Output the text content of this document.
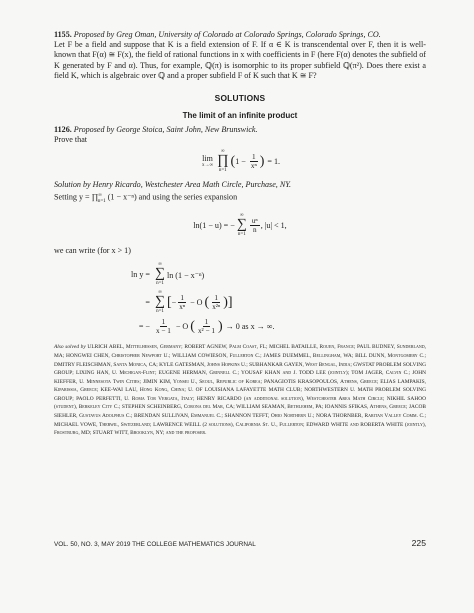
1155. Proposed by Greg Oman, University of Colorado at Colorado Springs, Colorado Springs, CO.

Let F be a field and suppose that K is a field extension of F. If α ∈ K is transcendental over F, then it is well-known that F(α) ≅ F(x), the field of rational functions in x with coefficients in F (here F(α) denotes the subfield of K generated by F and α). Thus, for example, ℚ(π) is isomorphic to its proper subfield ℚ(π²). Does there exist a field K, which is algebraic over ℚ and a proper subfield F of K such that K ≅ F?

SOLUTIONS

The limit of an infinite product

1126. Proposed by George Stoica, Saint John, New Brunswick.

Prove that

lim
x→∞
∞
∏
n=1
( $1 - \frac{1}{\text{xⁿ}}$ ) = 1.

Solution by Henry Ricardo, Westchester Area Math Circle, Purchase, NY.

Setting $y = \prod^\infty_{n=1}$ (1 − x⁻ⁿ) and using the series expansion

ln(1 − u) = −
∞
∑
n=1
$\frac{\text{uⁿ}}{n}$ , |u| < 1,

we can write (for x > 1)

ln y =
∞
∑
n=1
ln (1 − x⁻ⁿ)
=
∞
∑
n=1
[ − $\frac{1}{\text{xⁿ}} - O$ ( $\frac{1}{\text{x²ⁿ}}$ ) ]
= − $\frac{1}{x - 1} - O$ ( $\frac{1}{\text{x² − 1}}$ ) → 0 as x → ∞.

Also solved by ULRICH ABEL, Mittelhessen, Germany; ROBERT AGNEW, Palm Coast, FL; MICHEL BATAILLE, Rouen, France; PAUL BUDNEY, Sunderland, MA; HONGWEI CHEN, Christopher Newport U.; WILLIAM COWIESON, Fullerton C.; JAMES DUEMMEL, Bellingham, WA; BILL DUNN, Montgomery C.; DMITRY FLEISCHMAN, Santa Monica, CA; KYLE GATESMAN, Johns Hopkins U.; SUBHANKAR GAYEN, West Bengal, India; GWSTAT PROBLEM SOLVING GROUP; LIXING HAN, U. Michigan-Flint; EUGENE HERMAN, Grinnell C.; YOUSAF KHAN and J. TODD LEE (jointly); TOM JAGER, Calvin C.; JOHN KIEFFER, U. Minnesota Twin Cities; JIMIN KIM, Yonsei U., Seoul, Republic of Korea; PANAGIOTIS KRASOPOULOS, Athens, Greece; ELIAS LAMPAKIS, Kiparissia, Greece; KEE-WAI LAU, Hong Kong, China; U. OF LOUISIANA LAFAYETTE MATH CLUB; NORTHWESTERN U. MATH PROBLEM SOLVING GROUP; PAOLO PERFETTI, U. Roma Tor Vergata, Italy; HENRY RICARDO (an additional solution), Westchester Area Math Circle; NIKHIL SAHOO (student), Berkeley City C.; STEPHEN SCHEINBERG, Corona del Mar, CA; WILLIAM SEAMAN, Bethlehem, PA; IOANNIS SFIKAS, Athens, Greece; JACOB SIEHLER, Gustavus Adolphus C.; BRENDAN SULLIVAN, Emmanuel C.; SHANNON TEFFT, Ohio Northern U.; NORA THORNBER, Raritan Valley Comm. C.; MICHAEL VOWE, Therwil, Switzerland; LAWRENCE WEILL (2 solutions), California St. U., Fullerton; EDWARD WHITE and ROBERTA WHITE (jointly), Frostburg, MD; STUART WITT, Brooklyn, NY; and the proposer.

VOL. 50, NO. 3, MAY 2019 THE COLLEGE MATHEMATICS JOURNAL	225
